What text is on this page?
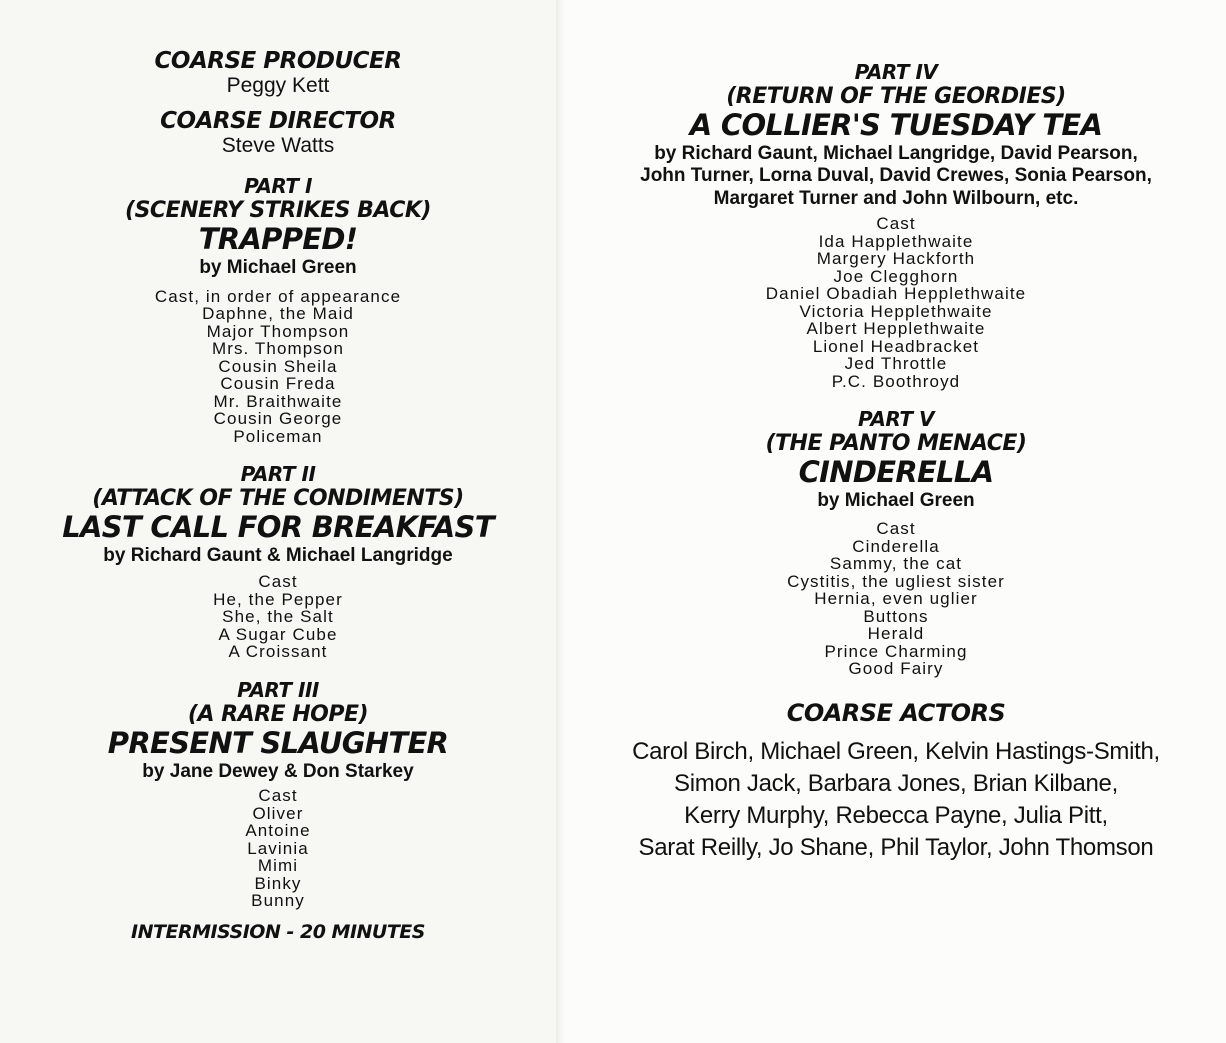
COARSE PRODUCER
Peggy Kett
COARSE DIRECTOR
Steve Watts
PART I
(SCENERY STRIKES BACK)
TRAPPED!
by Michael Green
Cast, in order of appearance
Daphne, the Maid
Major Thompson
Mrs. Thompson
Cousin Sheila
Cousin Freda
Mr. Braithwaite
Cousin George
Policeman
PART II
(ATTACK OF THE CONDIMENTS)
LAST CALL FOR BREAKFAST
by Richard Gaunt & Michael Langridge
Cast
He, the Pepper
She, the Salt
A Sugar Cube
A Croissant
PART III
(A RARE HOPE)
PRESENT SLAUGHTER
by Jane Dewey & Don Starkey
Cast
Oliver
Antoine
Lavinia
Mimi
Binky
Bunny
INTERMISSION - 20 MINUTES
PART IV
(RETURN OF THE GEORDIES)
A COLLIER'S TUESDAY TEA
by Richard Gaunt, Michael Langridge, David Pearson,
John Turner, Lorna Duval, David Crewes, Sonia Pearson,
Margaret Turner and John Wilbourn, etc.
Cast
Ida Happlethwaite
Margery Hackforth
Joe Clegghorn
Daniel Obadiah Hepplethwaite
Victoria Hepplethwaite
Albert Hepplethwaite
Lionel Headbracket
Jed Throttle
P.C. Boothroyd
PART V
(THE PANTO MENACE)
CINDERELLA
by Michael Green
Cast
Cinderella
Sammy, the cat
Cystitis, the ugliest sister
Hernia, even uglier
Buttons
Herald
Prince Charming
Good Fairy
COARSE ACTORS
Carol Birch, Michael Green, Kelvin Hastings-Smith,
Simon Jack, Barbara Jones, Brian Kilbane,
Kerry Murphy, Rebecca Payne, Julia Pitt,
Sarat Reilly, Jo Shane, Phil Taylor, John Thomson
